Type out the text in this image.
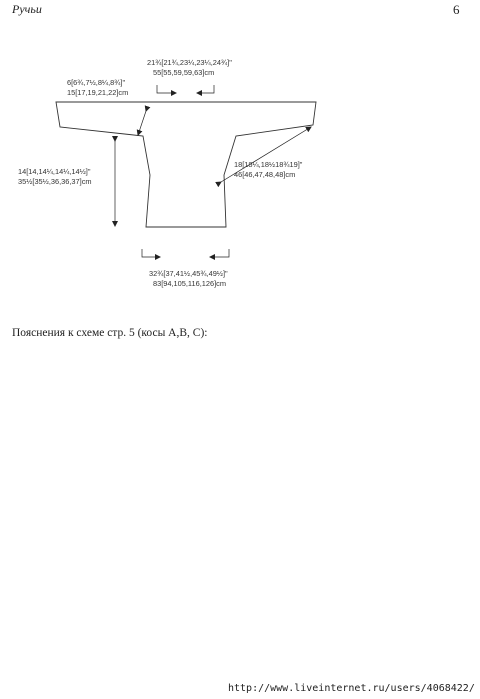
Ручьи	6
21¾[21¾,23¼,23¼,24¾]"
55[55,59,59,63]cm
6[6¾,7½,8¼,8¾]"
15[17,19,21,22]cm
14[14,14¼,14¼,14½]"
35½[35½,36,36,37]cm
18[18¼,18½18¾19]"
46[46,47,48,48]cm
32¾[37,41½,45¾,49½]"
83[94,105,116,126]cm
Пояснения к схеме стр. 5 (косы А,В, С):
http://www.liveinternet.ru/users/4068422/
